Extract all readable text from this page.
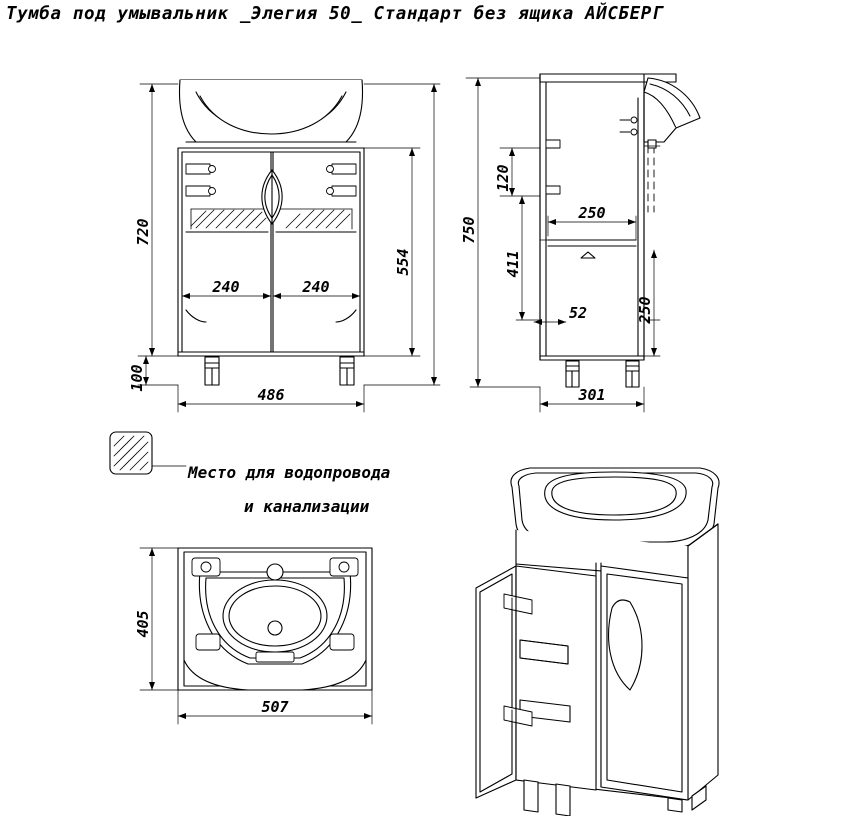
Тумба под умывальник _Элегия 50_ Стандарт без ящика АЙСБЕРГ
Место для водопровода
и канализации
720
100
554
486
240	240
750
120
411
250
250
52
301
405
507
